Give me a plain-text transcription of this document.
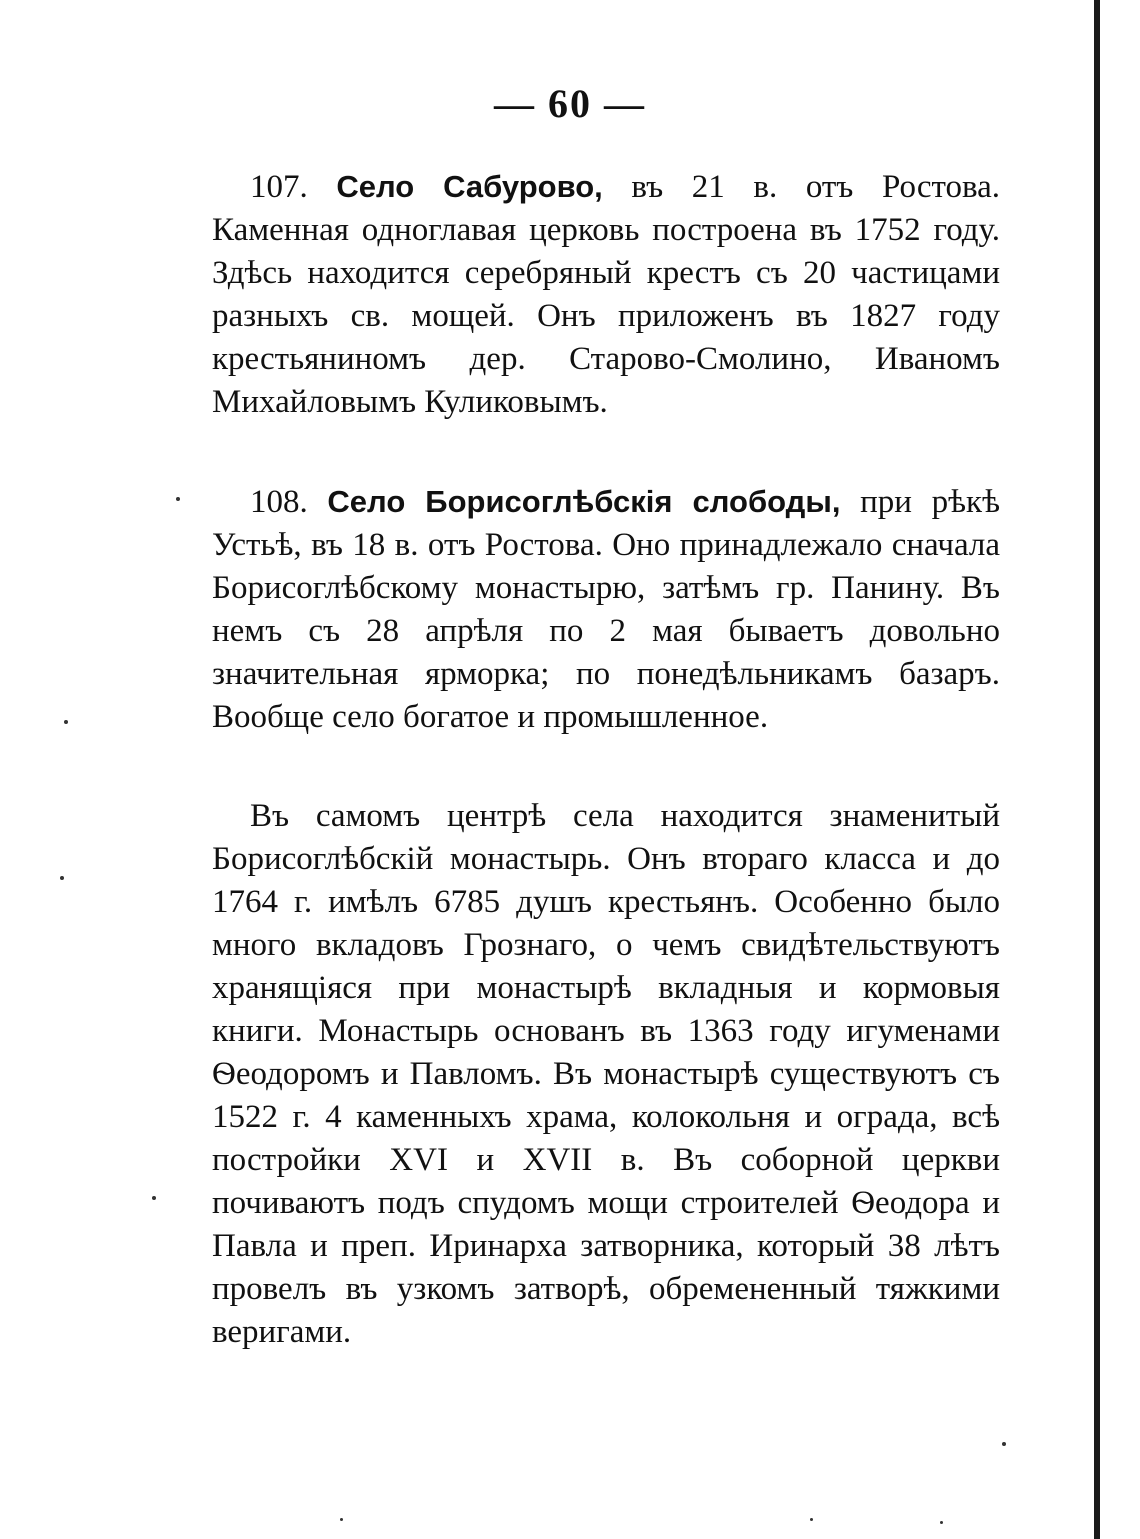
— 60 —

107. Село Сабурово, въ 21 в. отъ Ростова. Каменная одноглавая церковь построена въ 1752 году. Здѣсь находится серебряный крестъ съ 20 частицами разныхъ св. мощей. Онъ приложенъ въ 1827 году крестьяниномъ дер. Старово-Смолино, Иваномъ Михайловымъ Куликовымъ.

108. Село Борисоглѣбскія слободы, при рѣкѣ Устьѣ, въ 18 в. отъ Ростова. Оно принадлежало сначала Борисоглѣбскому монастырю, затѣмъ гр. Панину. Въ немъ съ 28 апрѣля по 2 мая бываетъ довольно значительная ярморка; по понедѣльникамъ базаръ. Вообще село богатое и промышленное.

Въ самомъ центрѣ села находится знаменитый Борисоглѣбскій монастырь. Онъ втораго класса и до 1764 г. имѣлъ 6785 душъ крестьянъ. Особенно было много вкладовъ Грознаго, о чемъ свидѣтельствуютъ хранящіяся при монастырѣ вкладныя и кормовыя книги. Монастырь основанъ въ 1363 году игуменами Ѳеодоромъ и Павломъ. Въ монастырѣ существуютъ съ 1522 г. 4 каменныхъ храма, колокольня и ограда, всѣ постройки XVI и XVII в. Въ соборной церкви почиваютъ подъ спудомъ мощи строителей Ѳеодора и Павла и преп. Иринарха затворника, который 38 лѣтъ провелъ въ узкомъ затворѣ, обремененный тяжкими веригами.
